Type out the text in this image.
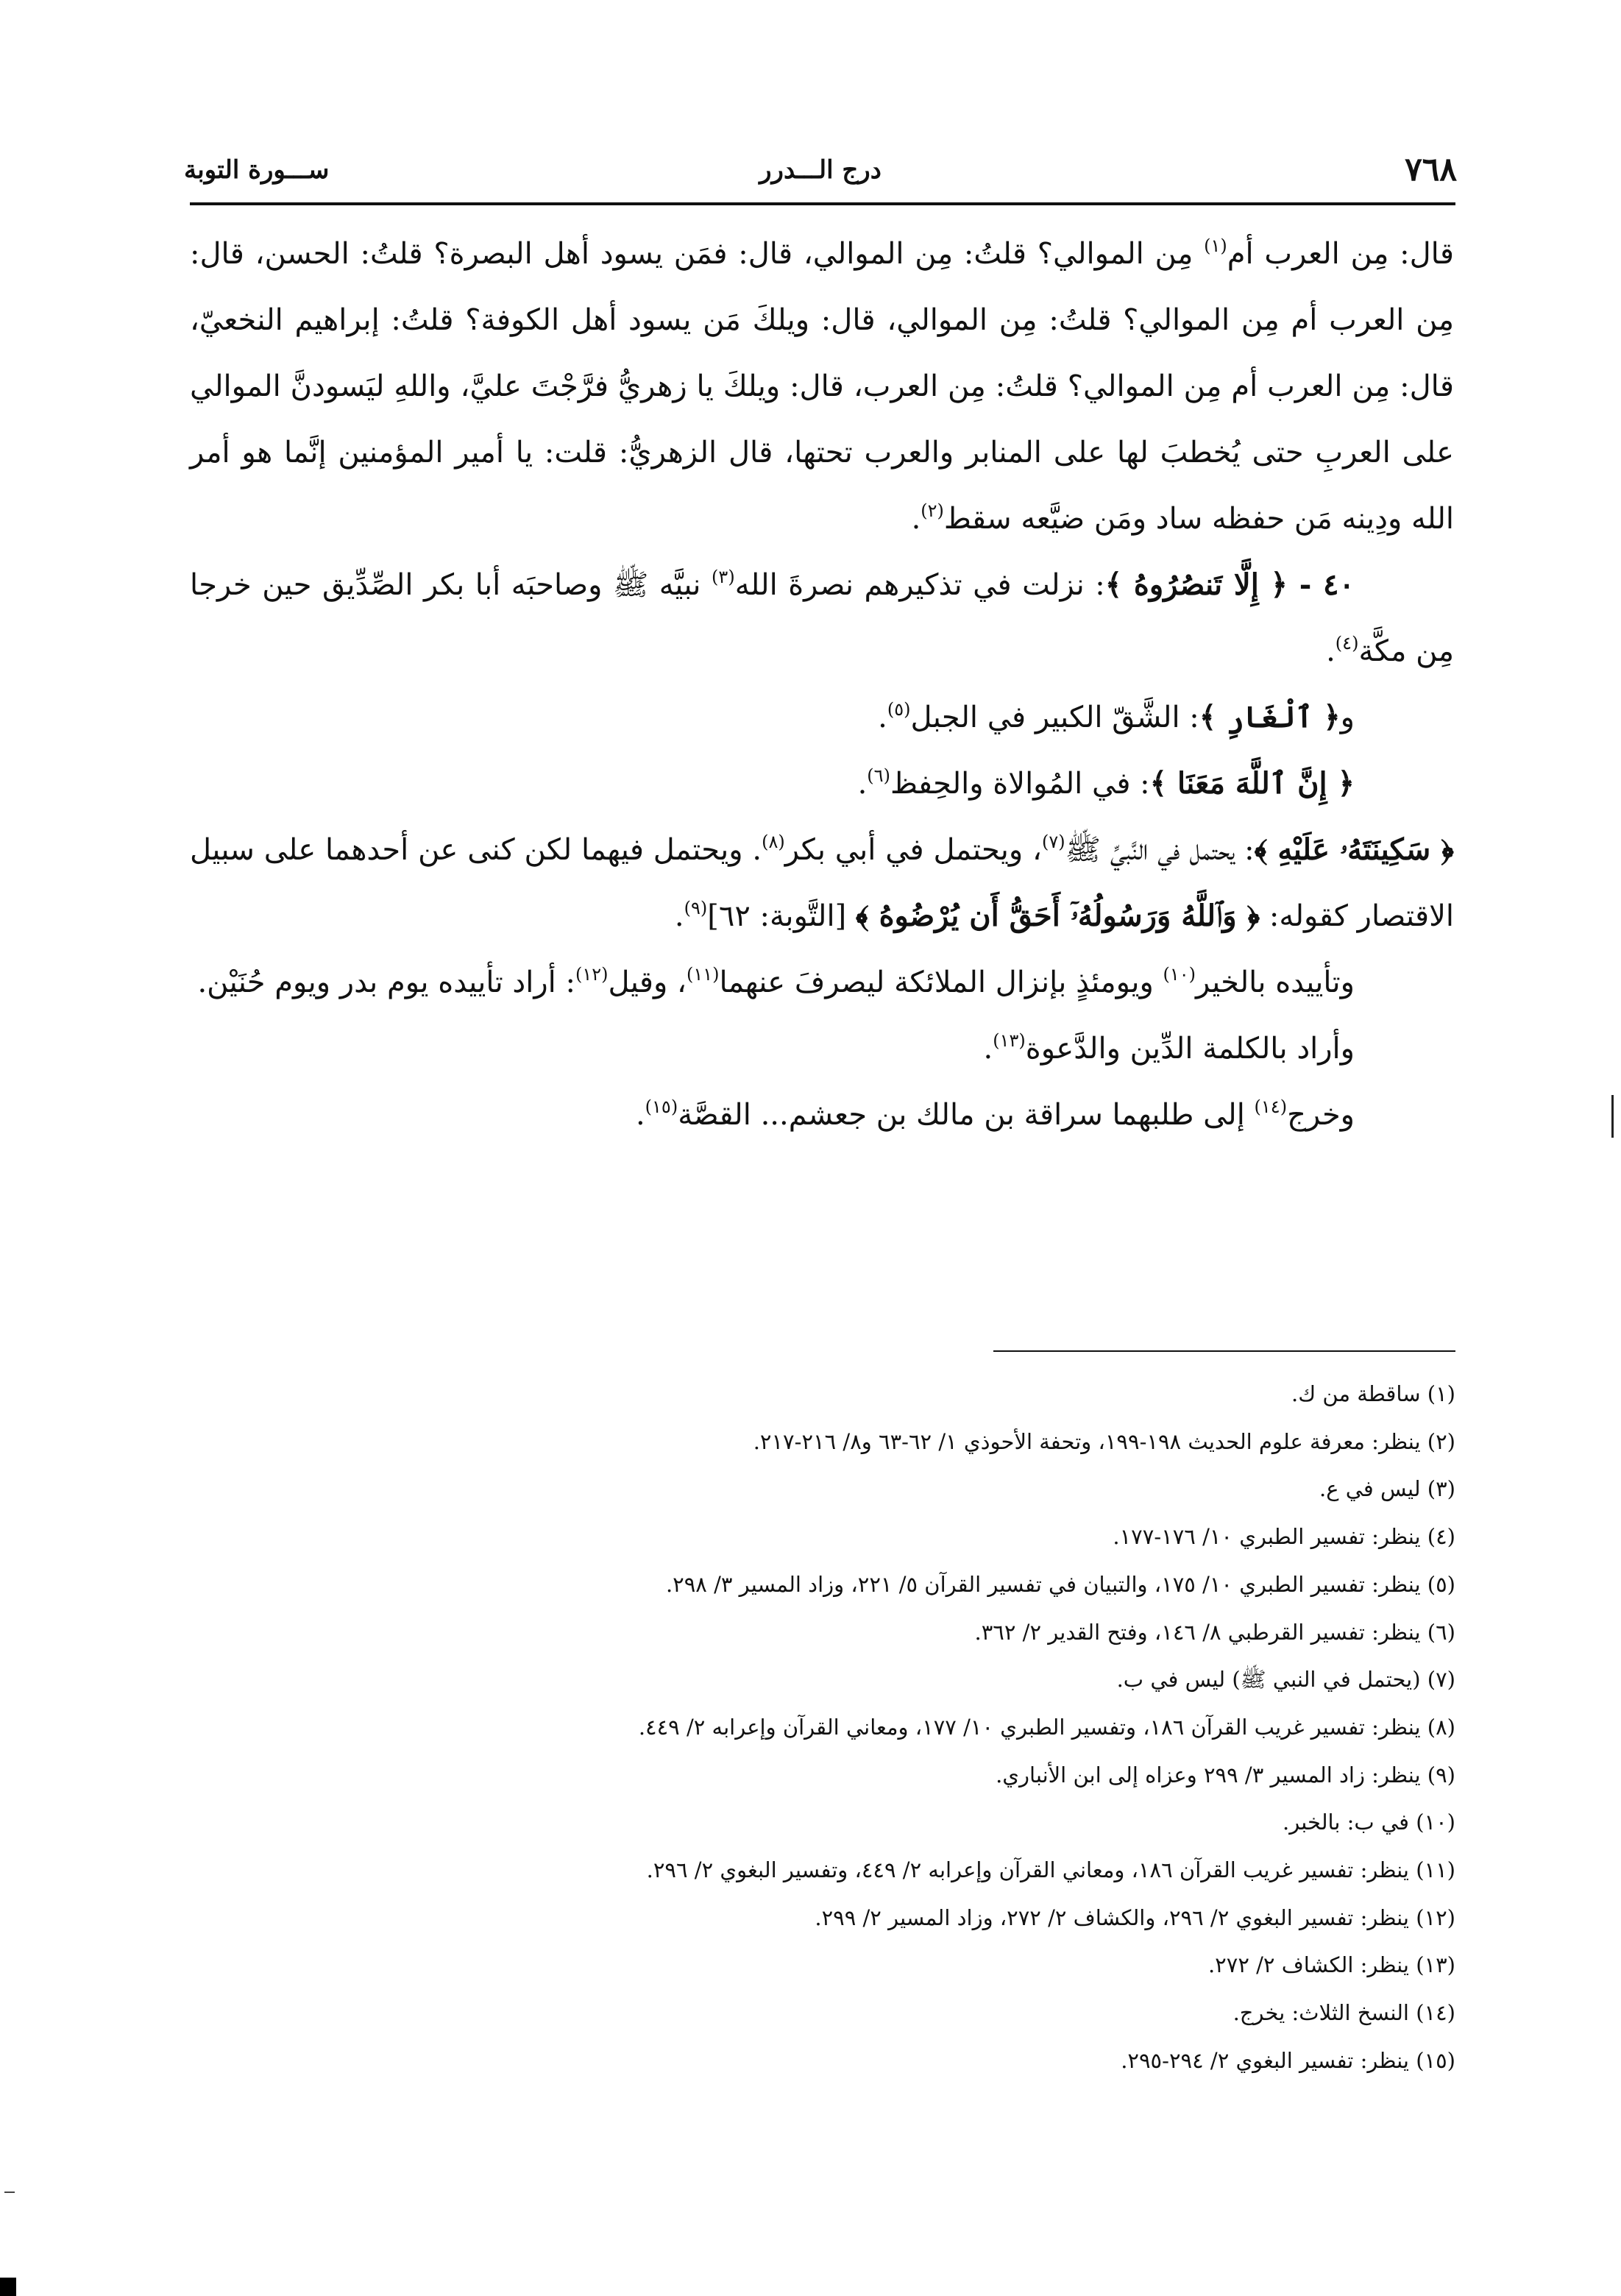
٧٦٨
درج الـــدرر
ســـورة التوبة

قال: مِن العرب أم$^{(١)}$ مِن الموالي؟ قلتُ: مِن الموالي، قال: فمَن يسود أهل البصرة؟ قلتُ: الحسن، قال: مِن العرب أم مِن الموالي؟ قلتُ: مِن الموالي، قال: ويلكَ مَن يسود أهل الكوفة؟ قلتُ: إبراهيم النخعيّ، قال: مِن العرب أم مِن الموالي؟ قلتُ: مِن العرب، قال: ويلكَ يا زهريُّ فرَّجْتَ عليَّ، واللهِ ليَسودنَّ الموالي على العربِ حتى يُخطبَ لها على المنابر والعرب تحتها، قال الزهريُّ: قلت: يا أمير المؤمنين إنَّما هو أمر الله ودِينه مَن حفظه ساد ومَن ضيَّعه سقط$^{(٢)}$.

٤٠ - ﴿ إِلَّا تَنصُرُوهُ ﴾: نزلت في تذكيرهم نصرةَ الله$^{(٣)}$ نبيَّه ﷺ وصاحبَه أبا بكر الصِّدِّيق حين خرجا مِن مكَّة$^{(٤)}$.

و﴿ ٱلْغَارِ ﴾: الشَّقّ الكبير في الجبل$^{(٥)}$.

﴿ إِنَّ ٱللَّهَ مَعَنَا ﴾: في المُوالاة والحِفظ$^{(٦)}$.

﴿ سَكِينَتَهُۥ عَلَيْهِ ﴾: يحتمل في النَّبيِّ ﷺ$^{(٧)}$، ويحتمل في أبي بكر$^{(٨)}$. ويحتمل فيهما لكن كنى عن أحدهما على سبيل الاقتصار كقوله: ﴿ وَٱللَّهُ وَرَسُولُهُۥٓ أَحَقُّ أَن يُرْضُوهُ ﴾ [التَّوبة: ٦٢]$^{(٩)}$.

وتأييده بالخير$^{(١٠)}$ ويومئذٍ بإنزال الملائكة ليصرفَ عنهما$^{(١١)}$، وقيل$^{(١٢)}$: أراد تأييده يوم بدر ويوم حُنَيْن.

وأراد بالكلمة الدِّين والدَّعوة$^{(١٣)}$.

وخرج$^{(١٤)}$ إلى طلبهما سراقة بن مالك بن جعشم... القصَّة$^{(١٥)}$.

(١) ساقطة من ك.
(٢) ينظر: معرفة علوم الحديث ١٩٨-١٩٩، وتحفة الأحوذي ١/ ٦٢-٦٣ و٨/ ٢١٦-٢١٧.
(٣) ليس في ع.
(٤) ينظر: تفسير الطبري ١٠/ ١٧٦-١٧٧.
(٥) ينظر: تفسير الطبري ١٠/ ١٧٥، والتبيان في تفسير القرآن ٥/ ٢٢١، وزاد المسير ٣/ ٢٩٨.
(٦) ينظر: تفسير القرطبي ٨/ ١٤٦، وفتح القدير ٢/ ٣٦٢.
(٧) (يحتمل في النبي ﷺ) ليس في ب.
(٨) ينظر: تفسير غريب القرآن ١٨٦، وتفسير الطبري ١٠/ ١٧٧، ومعاني القرآن وإعرابه ٢/ ٤٤٩.
(٩) ينظر: زاد المسير ٣/ ٢٩٩ وعزاه إلى ابن الأنباري.
(١٠) في ب: بالخبر.
(١١) ينظر: تفسير غريب القرآن ١٨٦، ومعاني القرآن وإعرابه ٢/ ٤٤٩، وتفسير البغوي ٢/ ٢٩٦.
(١٢) ينظر: تفسير البغوي ٢/ ٢٩٦، والكشاف ٢/ ٢٧٢، وزاد المسير ٢/ ٢٩٩.
(١٣) ينظر: الكشاف ٢/ ٢٧٢.
(١٤) النسخ الثلاث: يخرج.
(١٥) ينظر: تفسير البغوي ٢/ ٢٩٤-٢٩٥.
